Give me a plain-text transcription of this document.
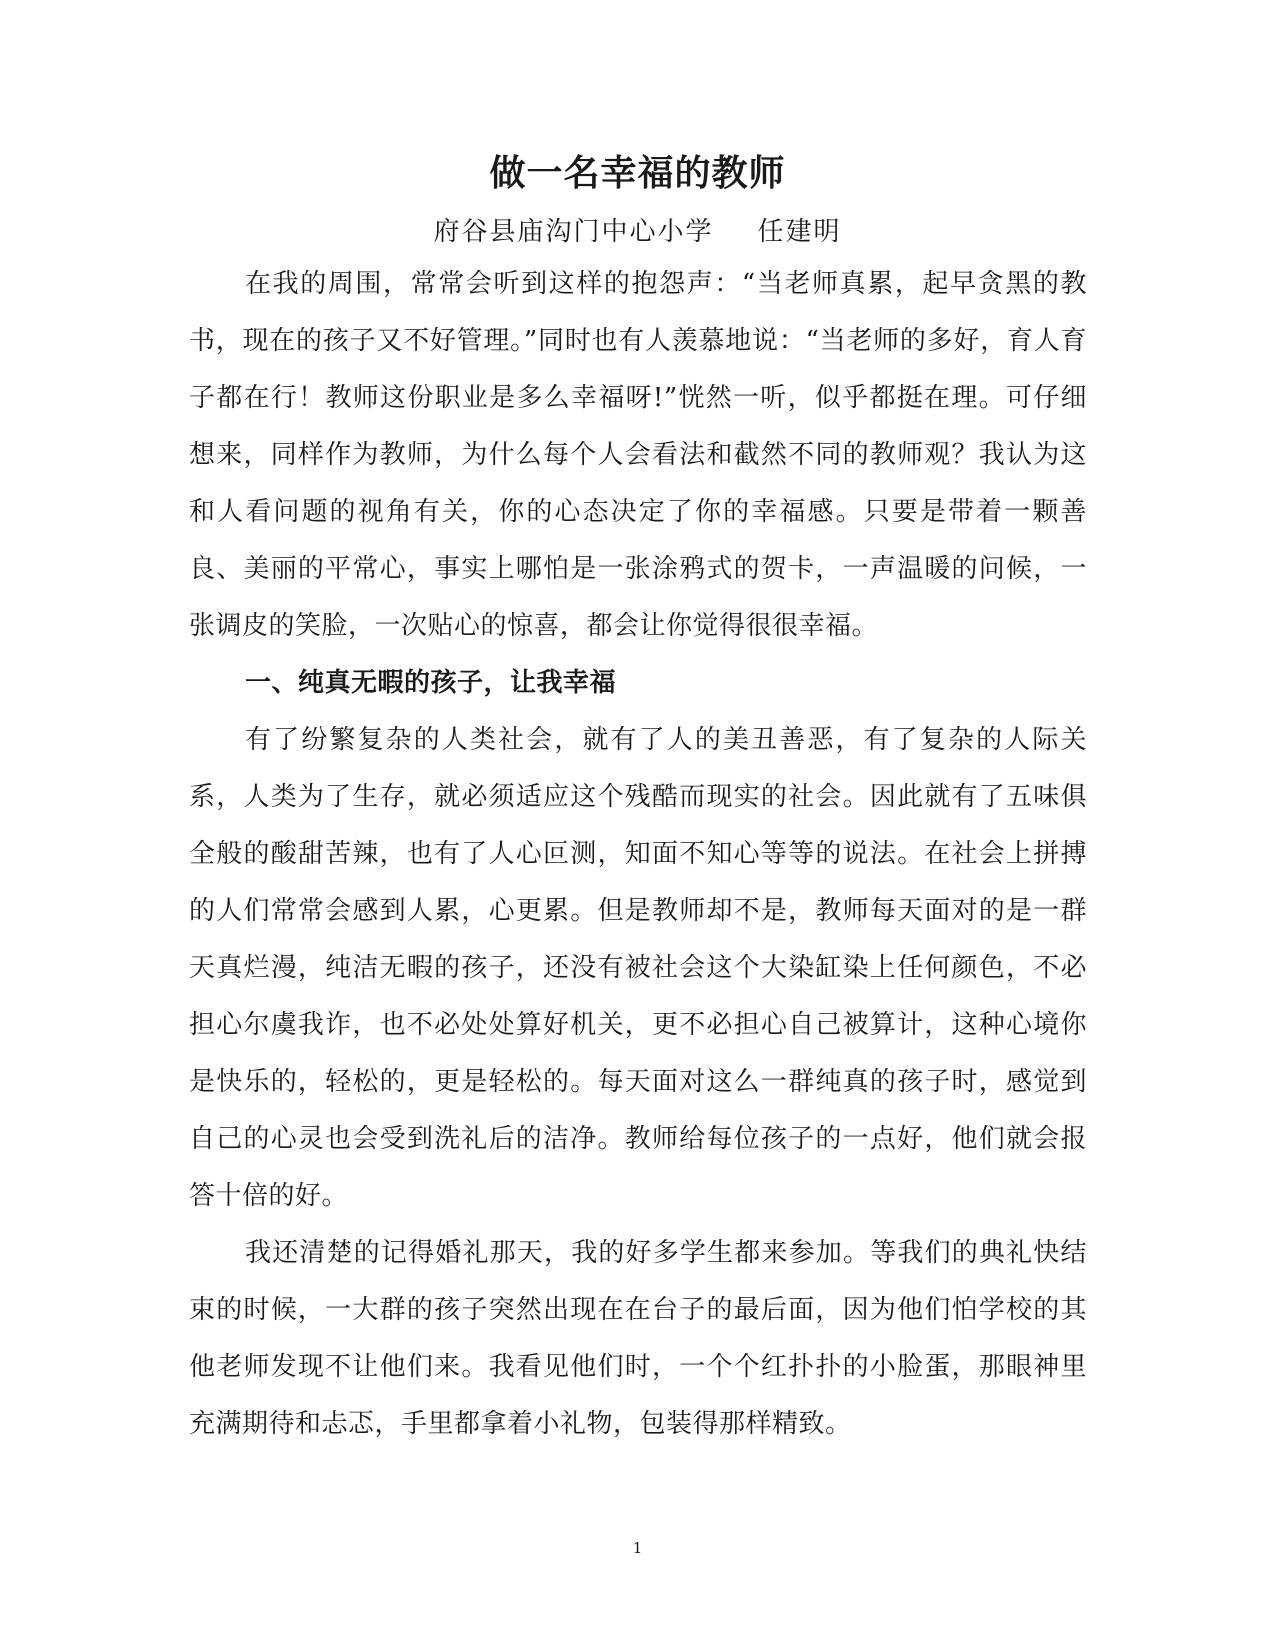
做一名幸福的教师
府谷县庙沟门中心小学 任建明

在我的周围，常常会听到这样的抱怨声：“当老师真累，起早贪黑的教书，现在的孩子又不好管理。”同时也有人羡慕地说：“当老师的多好，育人育子都在行！教师这份职业是多么幸福呀!”恍然一听，似乎都挺在理。可仔细想来，同样作为教师，为什么每个人会看法和截然不同的教师观？我认为这和人看问题的视角有关，你的心态决定了你的幸福感。只要是带着一颗善良、美丽的平常心，事实上哪怕是一张涂鸦式的贺卡，一声温暖的问候，一张调皮的笑脸，一次贴心的惊喜，都会让你觉得很很幸福。

一、纯真无暇的孩子，让我幸福

有了纷繁复杂的人类社会，就有了人的美丑善恶，有了复杂的人际关系，人类为了生存，就必须适应这个残酷而现实的社会。因此就有了五味俱全般的酸甜苦辣，也有了人心叵测，知面不知心等等的说法。在社会上拼搏的人们常常会感到人累，心更累。但是教师却不是，教师每天面对的是一群天真烂漫，纯洁无暇的孩子，还没有被社会这个大染缸染上任何颜色，不必担心尔虞我诈，也不必处处算好机关，更不必担心自己被算计，这种心境你是快乐的，轻松的，更是轻松的。每天面对这么一群纯真的孩子时，感觉到自己的心灵也会受到洗礼后的洁净。教师给每位孩子的一点好，他们就会报答十倍的好。

我还清楚的记得婚礼那天，我的好多学生都来参加。等我们的典礼快结束的时候，一大群的孩子突然出现在在台子的最后面，因为他们怕学校的其他老师发现不让他们来。我看见他们时，一个个红扑扑的小脸蛋，那眼神里充满期待和忐忑，手里都拿着小礼物，包装得那样精致。

1
